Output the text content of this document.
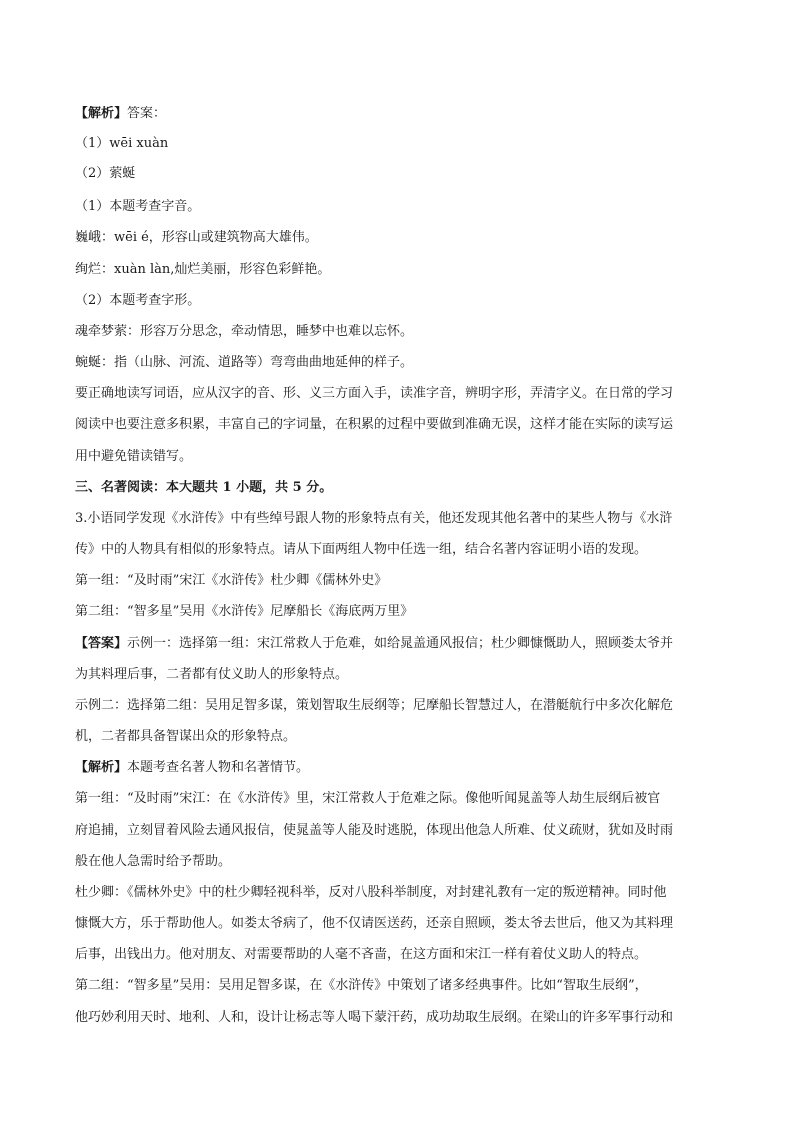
【解析】答案：
（1）wēi xuàn
（2）萦蜒
（1）本题考查字音。
巍峨：wēi é，形容山或建筑物高大雄伟。
绚烂：xuàn làn,灿烂美丽，形容色彩鲜艳。
（2）本题考查字形。
魂牵梦萦：形容万分思念，牵动情思，睡梦中也难以忘怀。
蜿蜒：指（山脉、河流、道路等）弯弯曲曲地延伸的样子。
要正确地读写词语，应从汉字的音、形、义三方面入手，读准字音，辨明字形，弄清字义。在日常的学习
阅读中也要注意多积累，丰富自己的字词量，在积累的过程中要做到准确无误，这样才能在实际的读写运
用中避免错读错写。
三、名著阅读：本大题共 1 小题，共 5 分。
3.小语同学发现《水浒传》中有些绰号跟人物的形象特点有关，他还发现其他名著中的某些人物与《水浒
传》中的人物具有相似的形象特点。请从下面两组人物中任选一组，结合名著内容证明小语的发现。
第一组：“及时雨”宋江《水浒传》杜少卿《儒林外史》
第二组：“智多星”吴用《水浒传》尼摩船长《海底两万里》
【答案】示例一：选择第一组：宋江常救人于危难，如给晁盖通风报信；杜少卿慷慨助人，照顾娄太爷并
为其料理后事，二者都有仗义助人的形象特点。
示例二：选择第二组：吴用足智多谋，策划智取生辰纲等；尼摩船长智慧过人，在潜艇航行中多次化解危
机，二者都具备智谋出众的形象特点。
【解析】本题考查名著人物和名著情节。
第一组：“及时雨”宋江：在《水浒传》里，宋江常救人于危难之际。像他听闻晁盖等人劫生辰纲后被官
府追捕，立刻冒着风险去通风报信，使晁盖等人能及时逃脱，体现出他急人所难、仗义疏财，犹如及时雨
般在他人急需时给予帮助。
杜少卿：《儒林外史》中的杜少卿轻视科举，反对八股科举制度，对封建礼教有一定的叛逆精神。同时他
慷慨大方，乐于帮助他人。如娄太爷病了，他不仅请医送药，还亲自照顾，娄太爷去世后，他又为其料理
后事，出钱出力。他对朋友、对需要帮助的人毫不吝啬，在这方面和宋江一样有着仗义助人的特点。
第二组：“智多星”吴用：吴用足智多谋，在《水浒传》中策划了诸多经典事件。比如“智取生辰纲”，
他巧妙利用天时、地利、人和，设计让杨志等人喝下蒙汗药，成功劫取生辰纲。在梁山的许多军事行动和
